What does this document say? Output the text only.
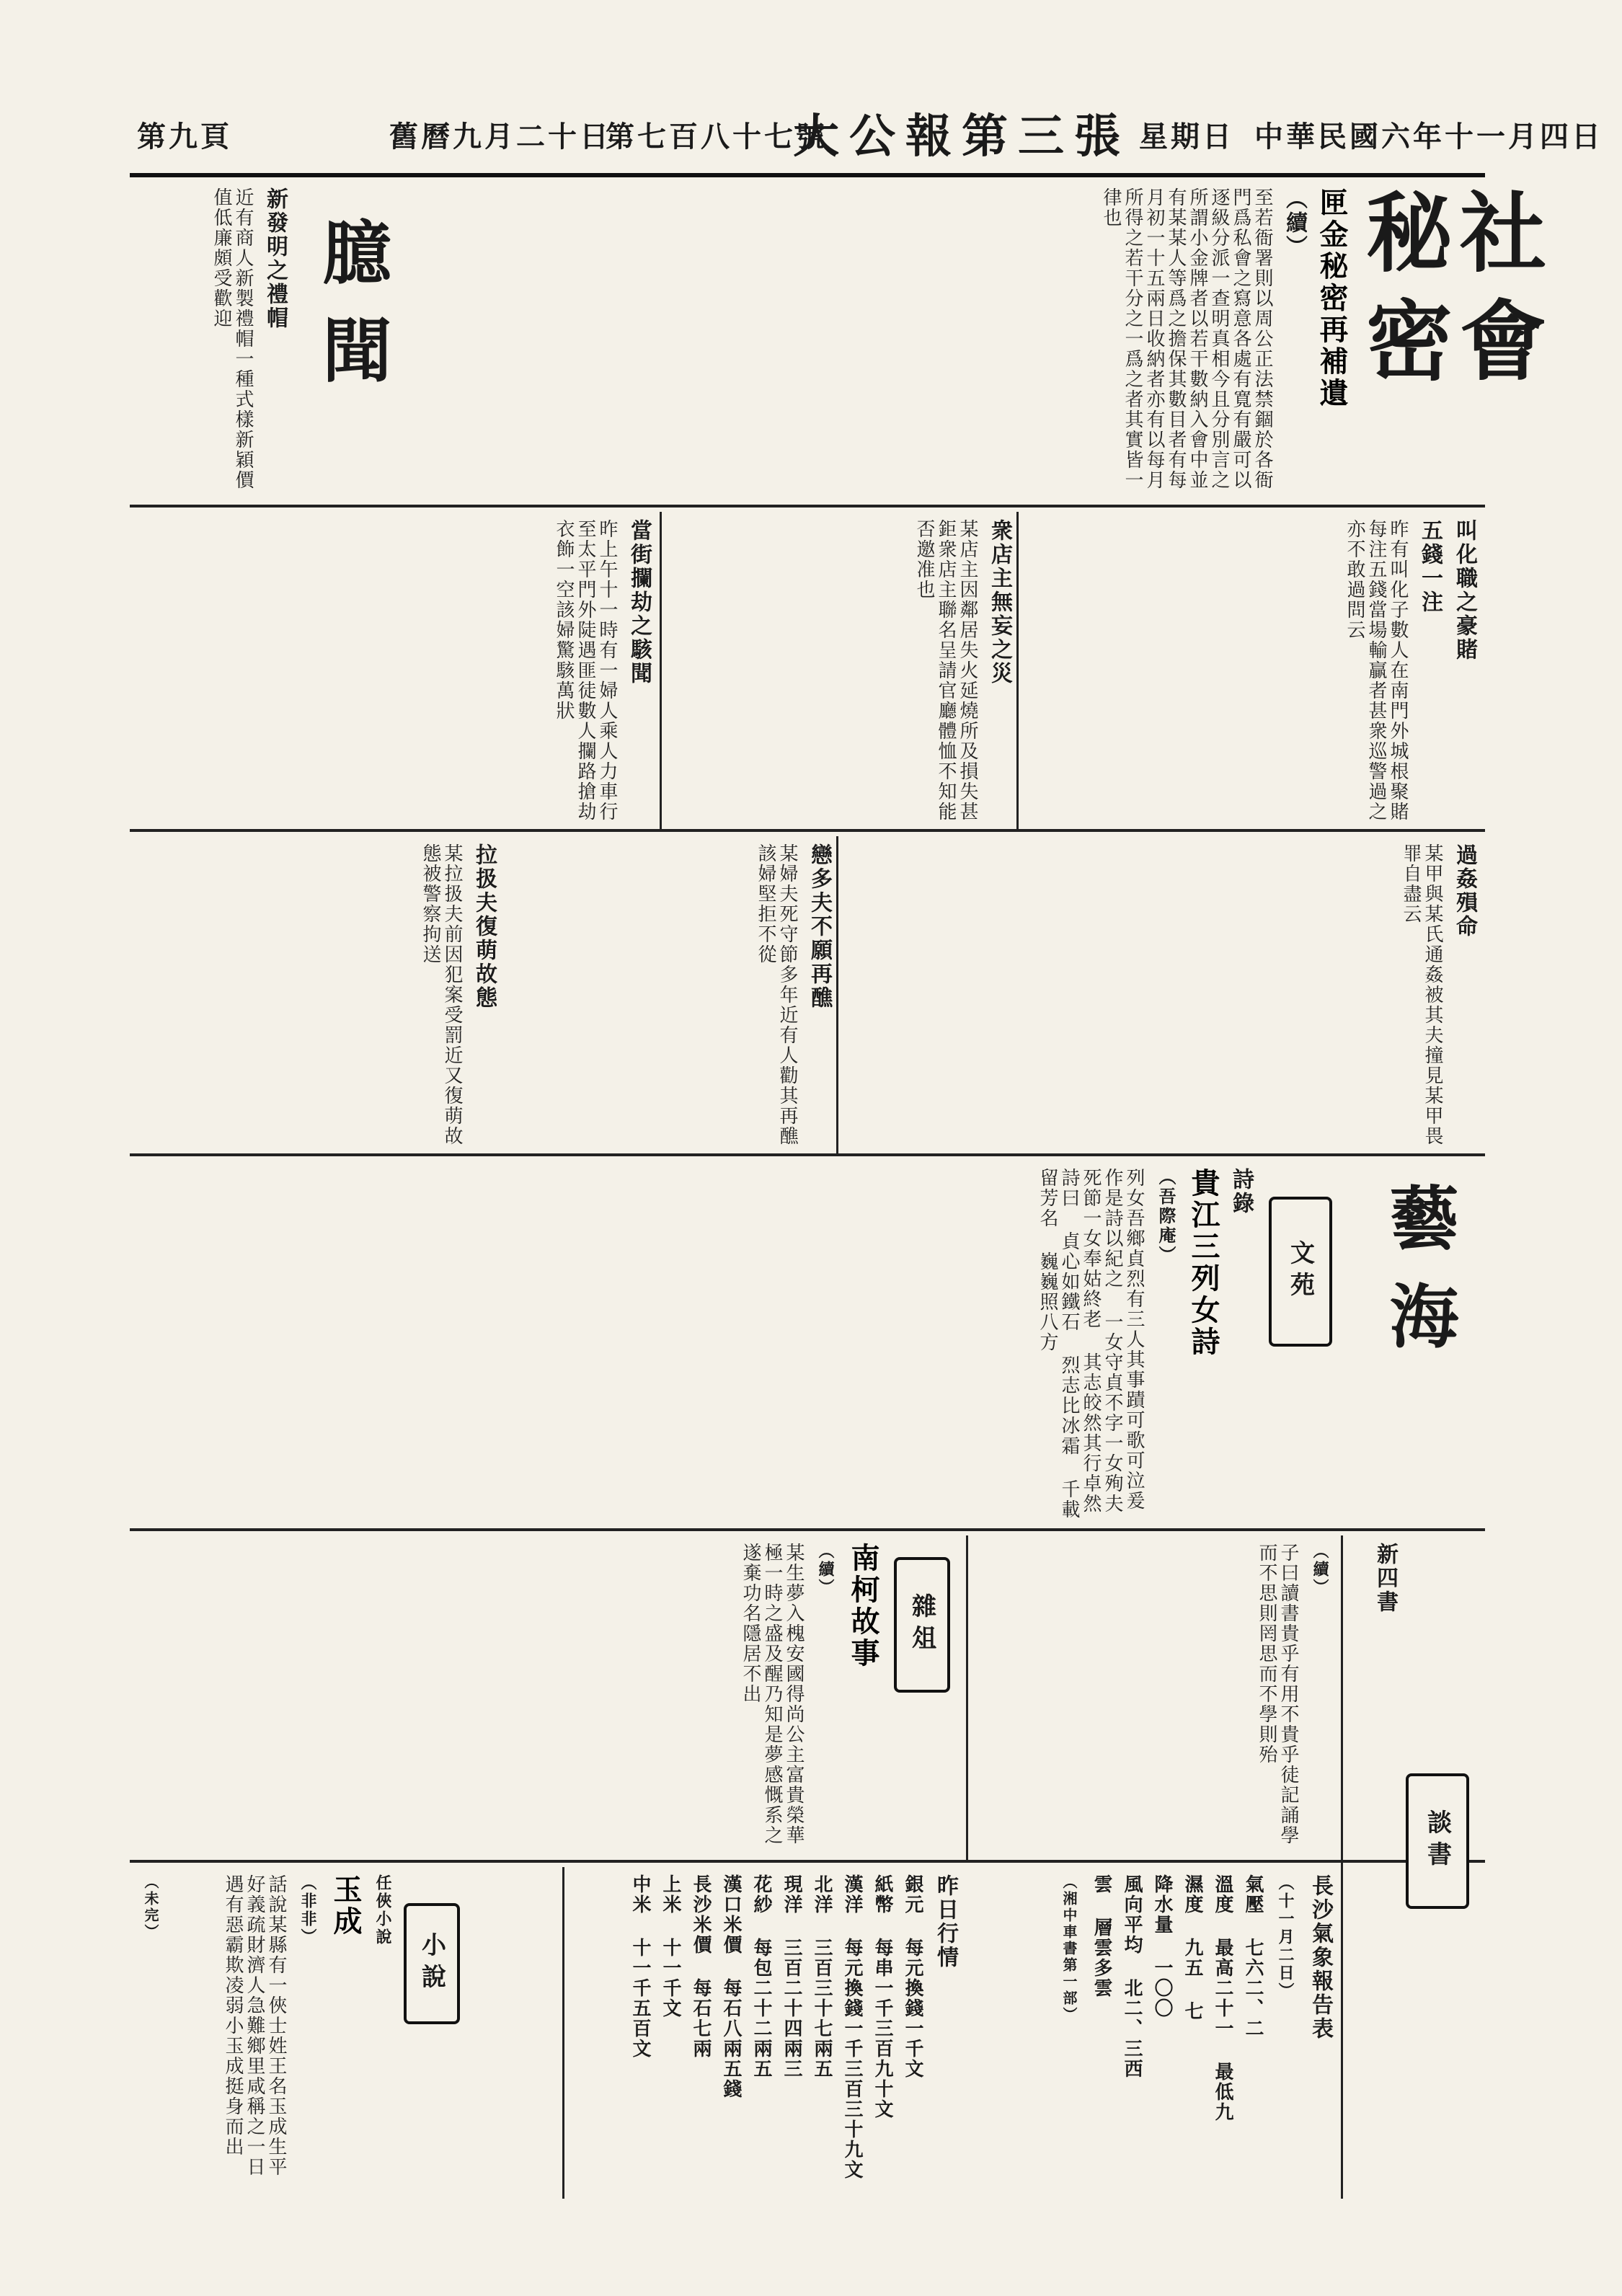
第九頁	舊曆九月二十日
第七百八十七號
大公報第三張 星期日 中華民國六年十一月四日
社會秘密
匣金秘密再補遺
（續）
至若衙署則以周公正法禁錮於各衙門爲私會之寫意各處有寬有嚴可以逐級分派一查明真相今且分別言之所謂小金牌者以若干數納入會中並有某某人等爲之擔保其數目者有每月初一十五兩日收納者亦有以每月所得之若干分之一爲之者其實皆一律也
臆聞
新發明之禮帽
近有商人新製禮帽一種式樣新穎價值低廉頗受歡迎
叫化職之豪賭
五錢一注
昨有叫化子數人在南門外城根聚賭每注五錢當場輸贏者甚衆巡警過之亦不敢過問云
衆店主無妄之災
某店主因鄰居失火延燒所及損失甚鉅衆店主聯名呈請官廳體恤不知能否邀准也
當街攔劫之駭聞
昨上午十一時有一婦人乘人力車行至太平門外陡遇匪徒數人攔路搶劫衣飾一空該婦驚駭萬狀
過姦殞命
某甲與某氏通姦被其夫撞見某甲畏罪自盡云
戀多夫不願再醮
某婦夫死守節多年近有人勸其再醮該婦堅拒不從
拉扱夫復萌故態
某拉扱夫前因犯案受罰近又復萌故態被警察拘送
藝海
文苑
詩錄
貴江三列女詩
（吾際庵）
列女吾鄉貞烈有三人其事蹟可歌可泣爰作是詩以紀之 一女守貞不字一女殉夫死節一女奉姑終老 其志皎然其行卓然 詩曰 貞心如鐵石 烈志比冰霜 千載留芳名 巍巍照八方
談書
新四書
（續）
子曰讀書貴乎有用不貴乎徒記誦學而不思則罔思而不學則殆
雜俎
南柯故事
（續）
某生夢入槐安國得尚公主富貴榮華極一時之盛及醒乃知是夢感慨系之遂棄功名隱居不出
長沙氣象報告表
（十一月二日）
氣壓 七六二、二
溫度 最高二十一 最低九
濕度 九五 七
降水量 一〇〇
風向平均 北二、三西
雲 層雲多雲
（湘中車書第一部）
昨日行情
銀元 每元換錢一千文
紙幣 每串一千三百九十文
漢洋 每元換錢一千三百三十九文
北洋 三百三十七兩五
現洋 三百二十四兩三
花紗 每包二十二兩五
漢口米價 每石八兩五錢
長沙米價 每石七兩
上米 十一千文
中米 十一千五百文
小說
任俠小說
玉成
（非非）
話說某縣有一俠士姓王名玉成生平好義疏財濟人急難鄉里咸稱之一日遇有惡霸欺凌弱小玉成挺身而出
（未完）
